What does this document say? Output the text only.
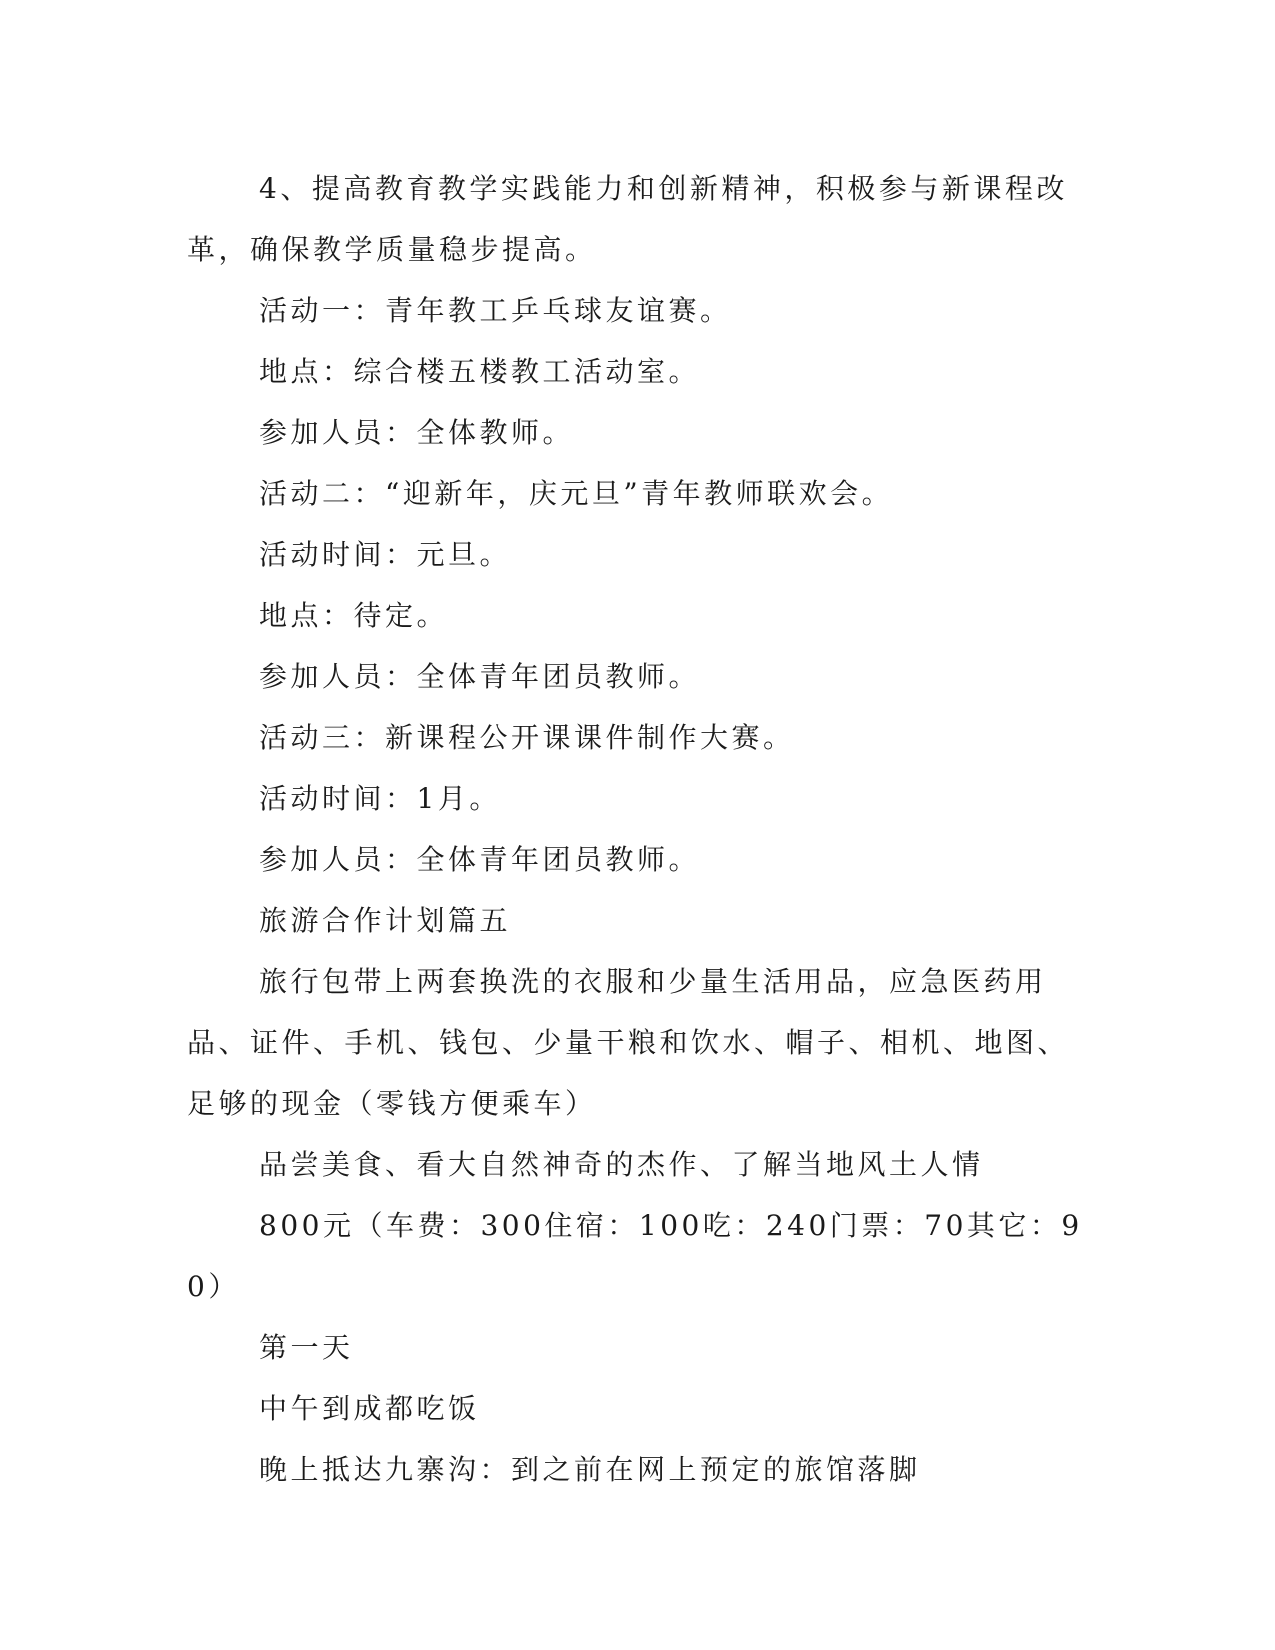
4、提高教育教学实践能力和创新精神，积极参与新课程改革，确保教学质量稳步提高。

活动一：青年教工乒乓球友谊赛。

地点：综合楼五楼教工活动室。

参加人员：全体教师。

活动二：“迎新年，庆元旦”青年教师联欢会。

活动时间：元旦。

地点：待定。

参加人员：全体青年团员教师。

活动三：新课程公开课课件制作大赛。

活动时间：1月。

参加人员：全体青年团员教师。

旅游合作计划篇五

旅行包带上两套换洗的衣服和少量生活用品，应急医药用品、证件、手机、钱包、少量干粮和饮水、帽子、相机、地图、足够的现金（零钱方便乘车）

品尝美食、看大自然神奇的杰作、了解当地风土人情

800元（车费：300住宿：100吃：240门票：70其它：90）

第一天

中午到成都吃饭

晚上抵达九寨沟：到之前在网上预定的旅馆落脚
